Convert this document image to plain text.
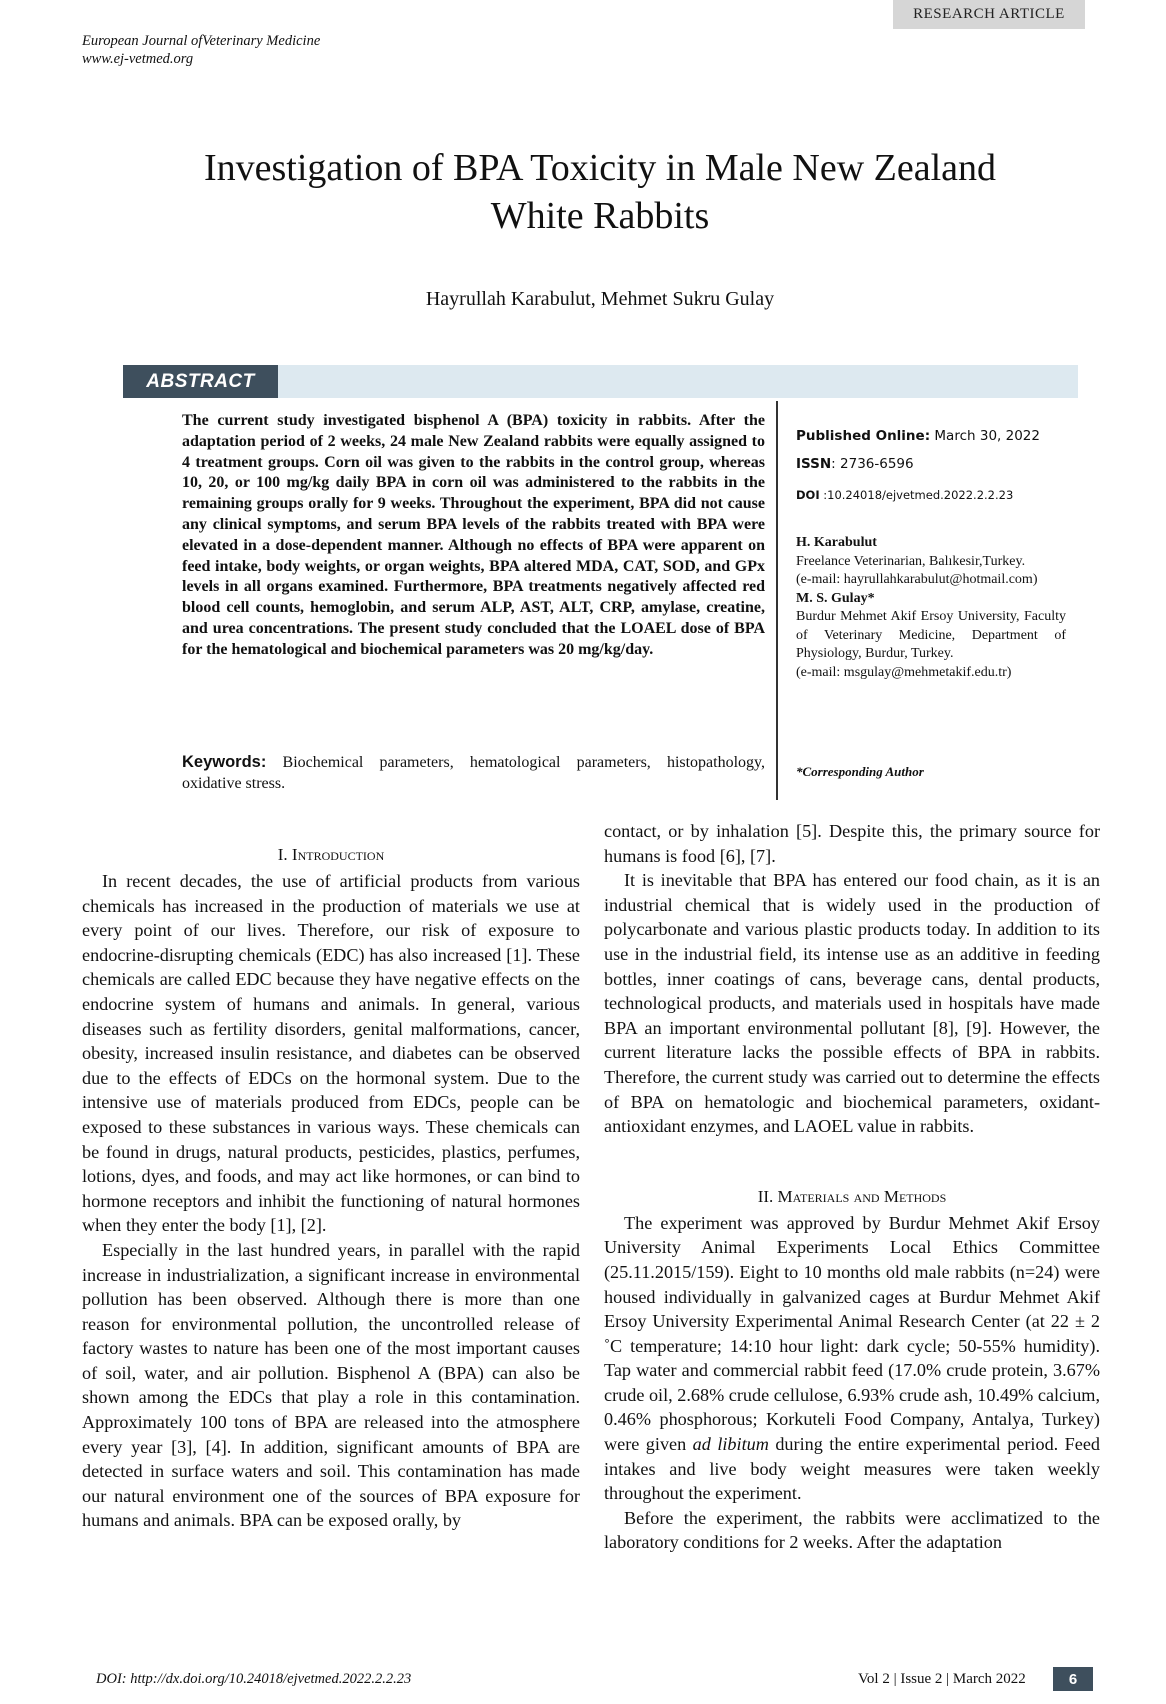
RESEARCH ARTICLE
European Journal ofVeterinary Medicine
www.ej-vetmed.org
Investigation of BPA Toxicity in Male New Zealand
White Rabbits
Hayrullah Karabulut, Mehmet Sukru Gulay
ABSTRACT
The current study investigated bisphenol A (BPA) toxicity in rabbits. After the adaptation period of 2 weeks, 24 male New Zealand rabbits were equally assigned to 4 treatment groups. Corn oil was given to the rabbits in the control group, whereas 10, 20, or 100 mg/kg daily BPA in corn oil was administered to the rabbits in the remaining groups orally for 9 weeks. Throughout the experiment, BPA did not cause any clinical symptoms, and serum BPA levels of the rabbits treated with BPA were elevated in a dose-dependent manner. Although no effects of BPA were apparent on feed intake, body weights, or organ weights, BPA altered MDA, CAT, SOD, and GPx levels in all organs examined. Furthermore, BPA treatments negatively affected red blood cell counts, hemoglobin, and serum ALP, AST, ALT, CRP, amylase, creatine, and urea concentrations. The present study concluded that the LOAEL dose of BPA for the hematological and biochemical parameters was 20 mg/kg/day.
Keywords: Biochemical parameters, hematological parameters, histopathology, oxidative stress.
Published Online: March 30, 2022
ISSN: 2736-6596
DOI :10.24018/ejvetmed.2022.2.2.23
H. Karabulut
Freelance Veterinarian, Balıkesir,Turkey.
(e-mail: hayrullahkarabulut@hotmail.com)
M. S. Gulay*
Burdur Mehmet Akif Ersoy University, Faculty of Veterinary Medicine, Department of Physiology, Burdur, Turkey.
(e-mail: msgulay@mehmetakif.edu.tr)
*Corresponding Author
I. Introduction

In recent decades, the use of artificial products from various chemicals has increased in the production of materials we use at every point of our lives. Therefore, our risk of exposure to endocrine-disrupting chemicals (EDC) has also increased [1]. These chemicals are called EDC because they have negative effects on the endocrine system of humans and animals. In general, various diseases such as fertility disorders, genital malformations, cancer, obesity, increased insulin resistance, and diabetes can be observed due to the effects of EDCs on the hormonal system. Due to the intensive use of materials produced from EDCs, people can be exposed to these substances in various ways. These chemicals can be found in drugs, natural products, pesticides, plastics, perfumes, lotions, dyes, and foods, and may act like hormones, or can bind to hormone receptors and inhibit the functioning of natural hormones when they enter the body [1], [2].

Especially in the last hundred years, in parallel with the rapid increase in industrialization, a significant increase in environmental pollution has been observed. Although there is more than one reason for environmental pollution, the uncontrolled release of factory wastes to nature has been one of the most important causes of soil, water, and air pollution. Bisphenol A (BPA) can also be shown among the EDCs that play a role in this contamination. Approximately 100 tons of BPA are released into the atmosphere every year [3], [4]. In addition, significant amounts of BPA are detected in surface waters and soil. This contamination has made our natural environment one of the sources of BPA exposure for humans and animals. BPA can be exposed orally, by

contact, or by inhalation [5]. Despite this, the primary source for humans is food [6], [7].

It is inevitable that BPA has entered our food chain, as it is an industrial chemical that is widely used in the production of polycarbonate and various plastic products today. In addition to its use in the industrial field, its intense use as an additive in feeding bottles, inner coatings of cans, beverage cans, dental products, technological products, and materials used in hospitals have made BPA an important environmental pollutant [8], [9]. However, the current literature lacks the possible effects of BPA in rabbits. Therefore, the current study was carried out to determine the effects of BPA on hematologic and biochemical parameters, oxidant-antioxidant enzymes, and LAOEL value in rabbits.

II. Materials and Methods

The experiment was approved by Burdur Mehmet Akif Ersoy University Animal Experiments Local Ethics Committee (25.11.2015/159). Eight to 10 months old male rabbits (n=24) were housed individually in galvanized cages at Burdur Mehmet Akif Ersoy University Experimental Animal Research Center (at 22 ± 2 ˚C temperature; 14:10 hour light: dark cycle; 50-55% humidity). Tap water and commercial rabbit feed (17.0% crude protein, 3.67% crude oil, 2.68% crude cellulose, 6.93% crude ash, 10.49% calcium, 0.46% phosphorous; Korkuteli Food Company, Antalya, Turkey) were given ad libitum during the entire experimental period. Feed intakes and live body weight measures were taken weekly throughout the experiment.

Before the experiment, the rabbits were acclimatized to the laboratory conditions for 2 weeks. After the adaptation

DOI: http://dx.doi.org/10.24018/ejvetmed.2022.2.2.23	Vol 2 | Issue 2 | March 2022	6
